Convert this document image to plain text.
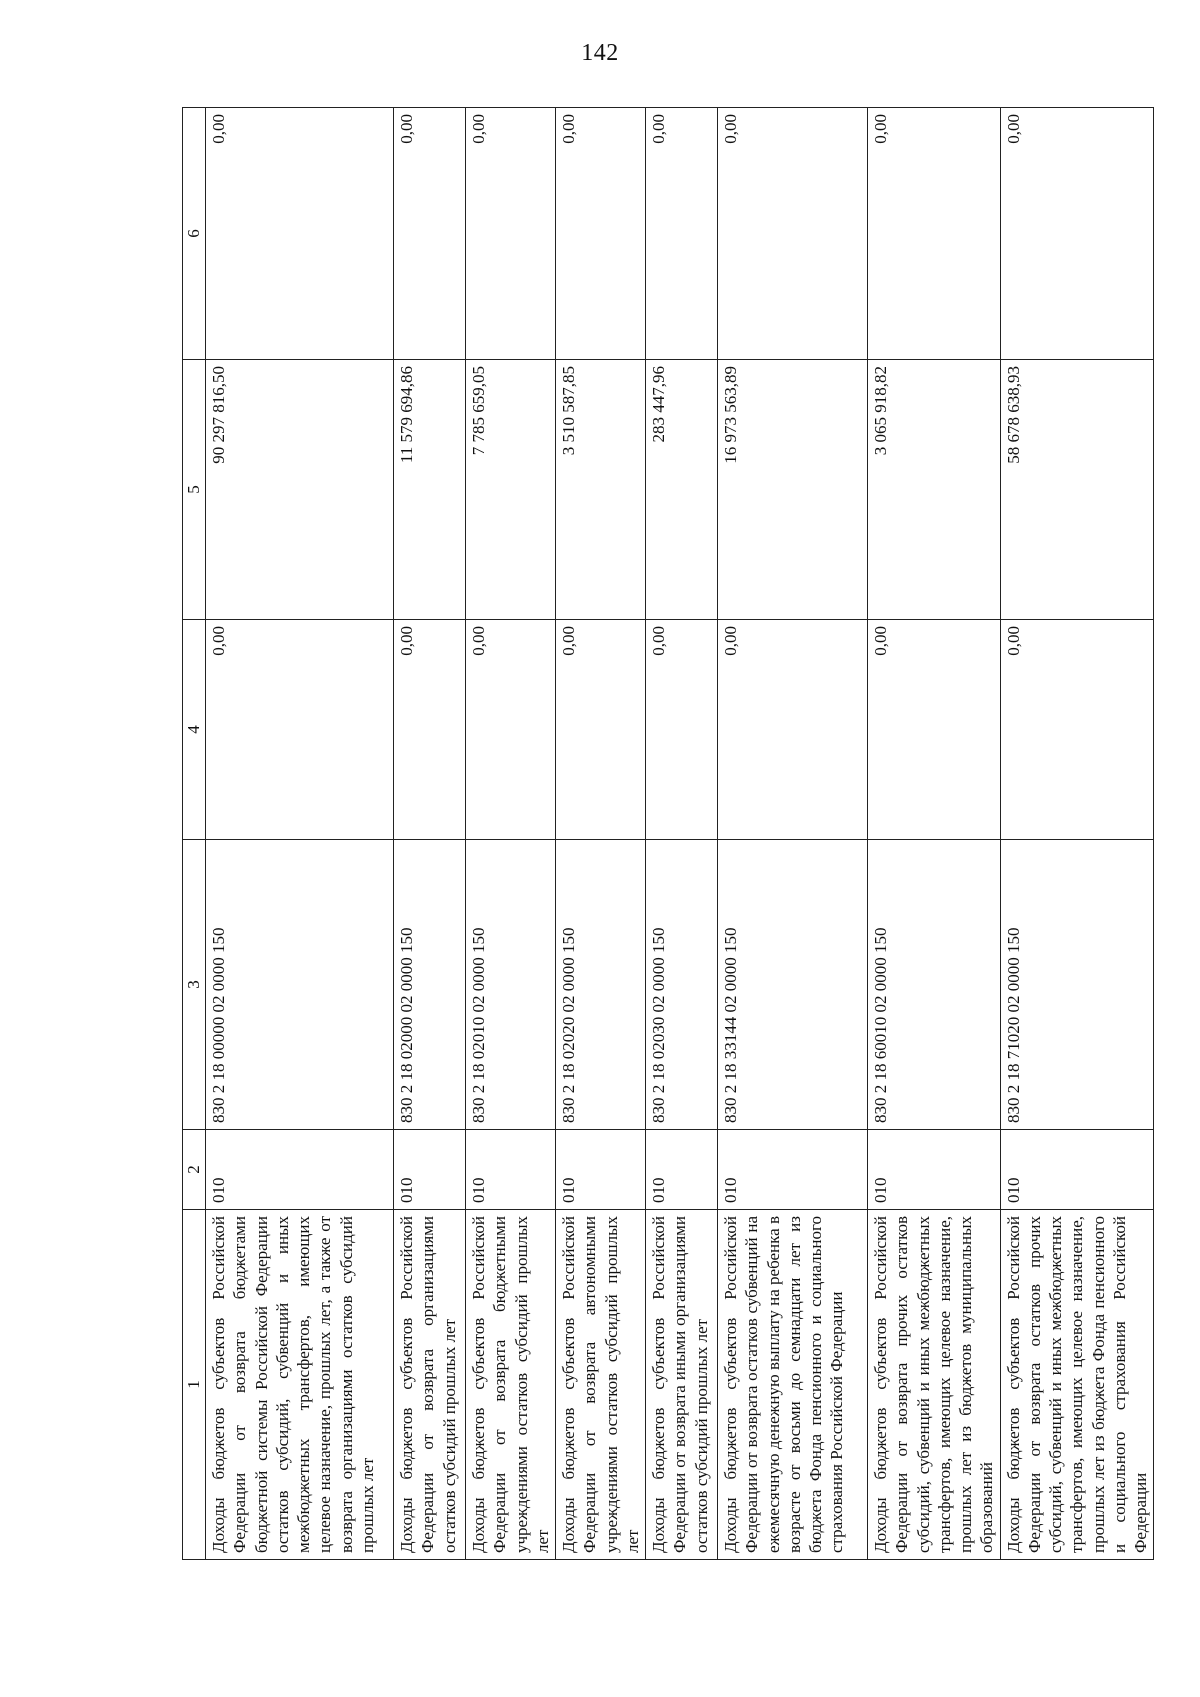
142
1	2	3	4	5	6
Доходы бюджетов субъектов Российской Федерации от возврата бюджетами бюджетной системы Российской Федерации остатков субсидий, субвенций и иных межбюджетных трансфертов, имеющих целевое назначение, прошлых лет, а также от возврата организациями остатков субсидий прошлых лет	010	830 2 18 00000 02 0000 150	0,00	90 297 816,50	0,00
Доходы бюджетов субъектов Российской Федерации от возврата организациями остатков субсидий прошлых лет	010	830 2 18 02000 02 0000 150	0,00	11 579 694,86	0,00
Доходы бюджетов субъектов Российской Федерации от возврата бюджетными учреждениями остатков субсидий прошлых лет	010	830 2 18 02010 02 0000 150	0,00	7 785 659,05	0,00
Доходы бюджетов субъектов Российской Федерации от возврата автономными учреждениями остатков субсидий прошлых лет	010	830 2 18 02020 02 0000 150	0,00	3 510 587,85	0,00
Доходы бюджетов субъектов Российской Федерации от возврата иными организациями остатков субсидий прошлых лет	010	830 2 18 02030 02 0000 150	0,00	283 447,96	0,00
Доходы бюджетов субъектов Российской Федерации от возврата остатков субвенций на ежемесячную денежную выплату на ребенка в возрасте от восьми до семнадцати лет из бюджета Фонда пенсионного и социального страхования Российской Федерации	010	830 2 18 33144 02 0000 150	0,00	16 973 563,89	0,00
Доходы бюджетов субъектов Российской Федерации от возврата прочих остатков субсидий, субвенций и иных межбюджетных трансфертов, имеющих целевое назначение, прошлых лет из бюджетов муниципальных образований	010	830 2 18 60010 02 0000 150	0,00	3 065 918,82	0,00
Доходы бюджетов субъектов Российской Федерации от возврата остатков прочих субсидий, субвенций и иных межбюджетных трансфертов, имеющих целевое назначение, прошлых лет из бюджета Фонда пенсионного и социального страхования Российской Федерации	010	830 2 18 71020 02 0000 150	0,00	58 678 638,93	0,00
